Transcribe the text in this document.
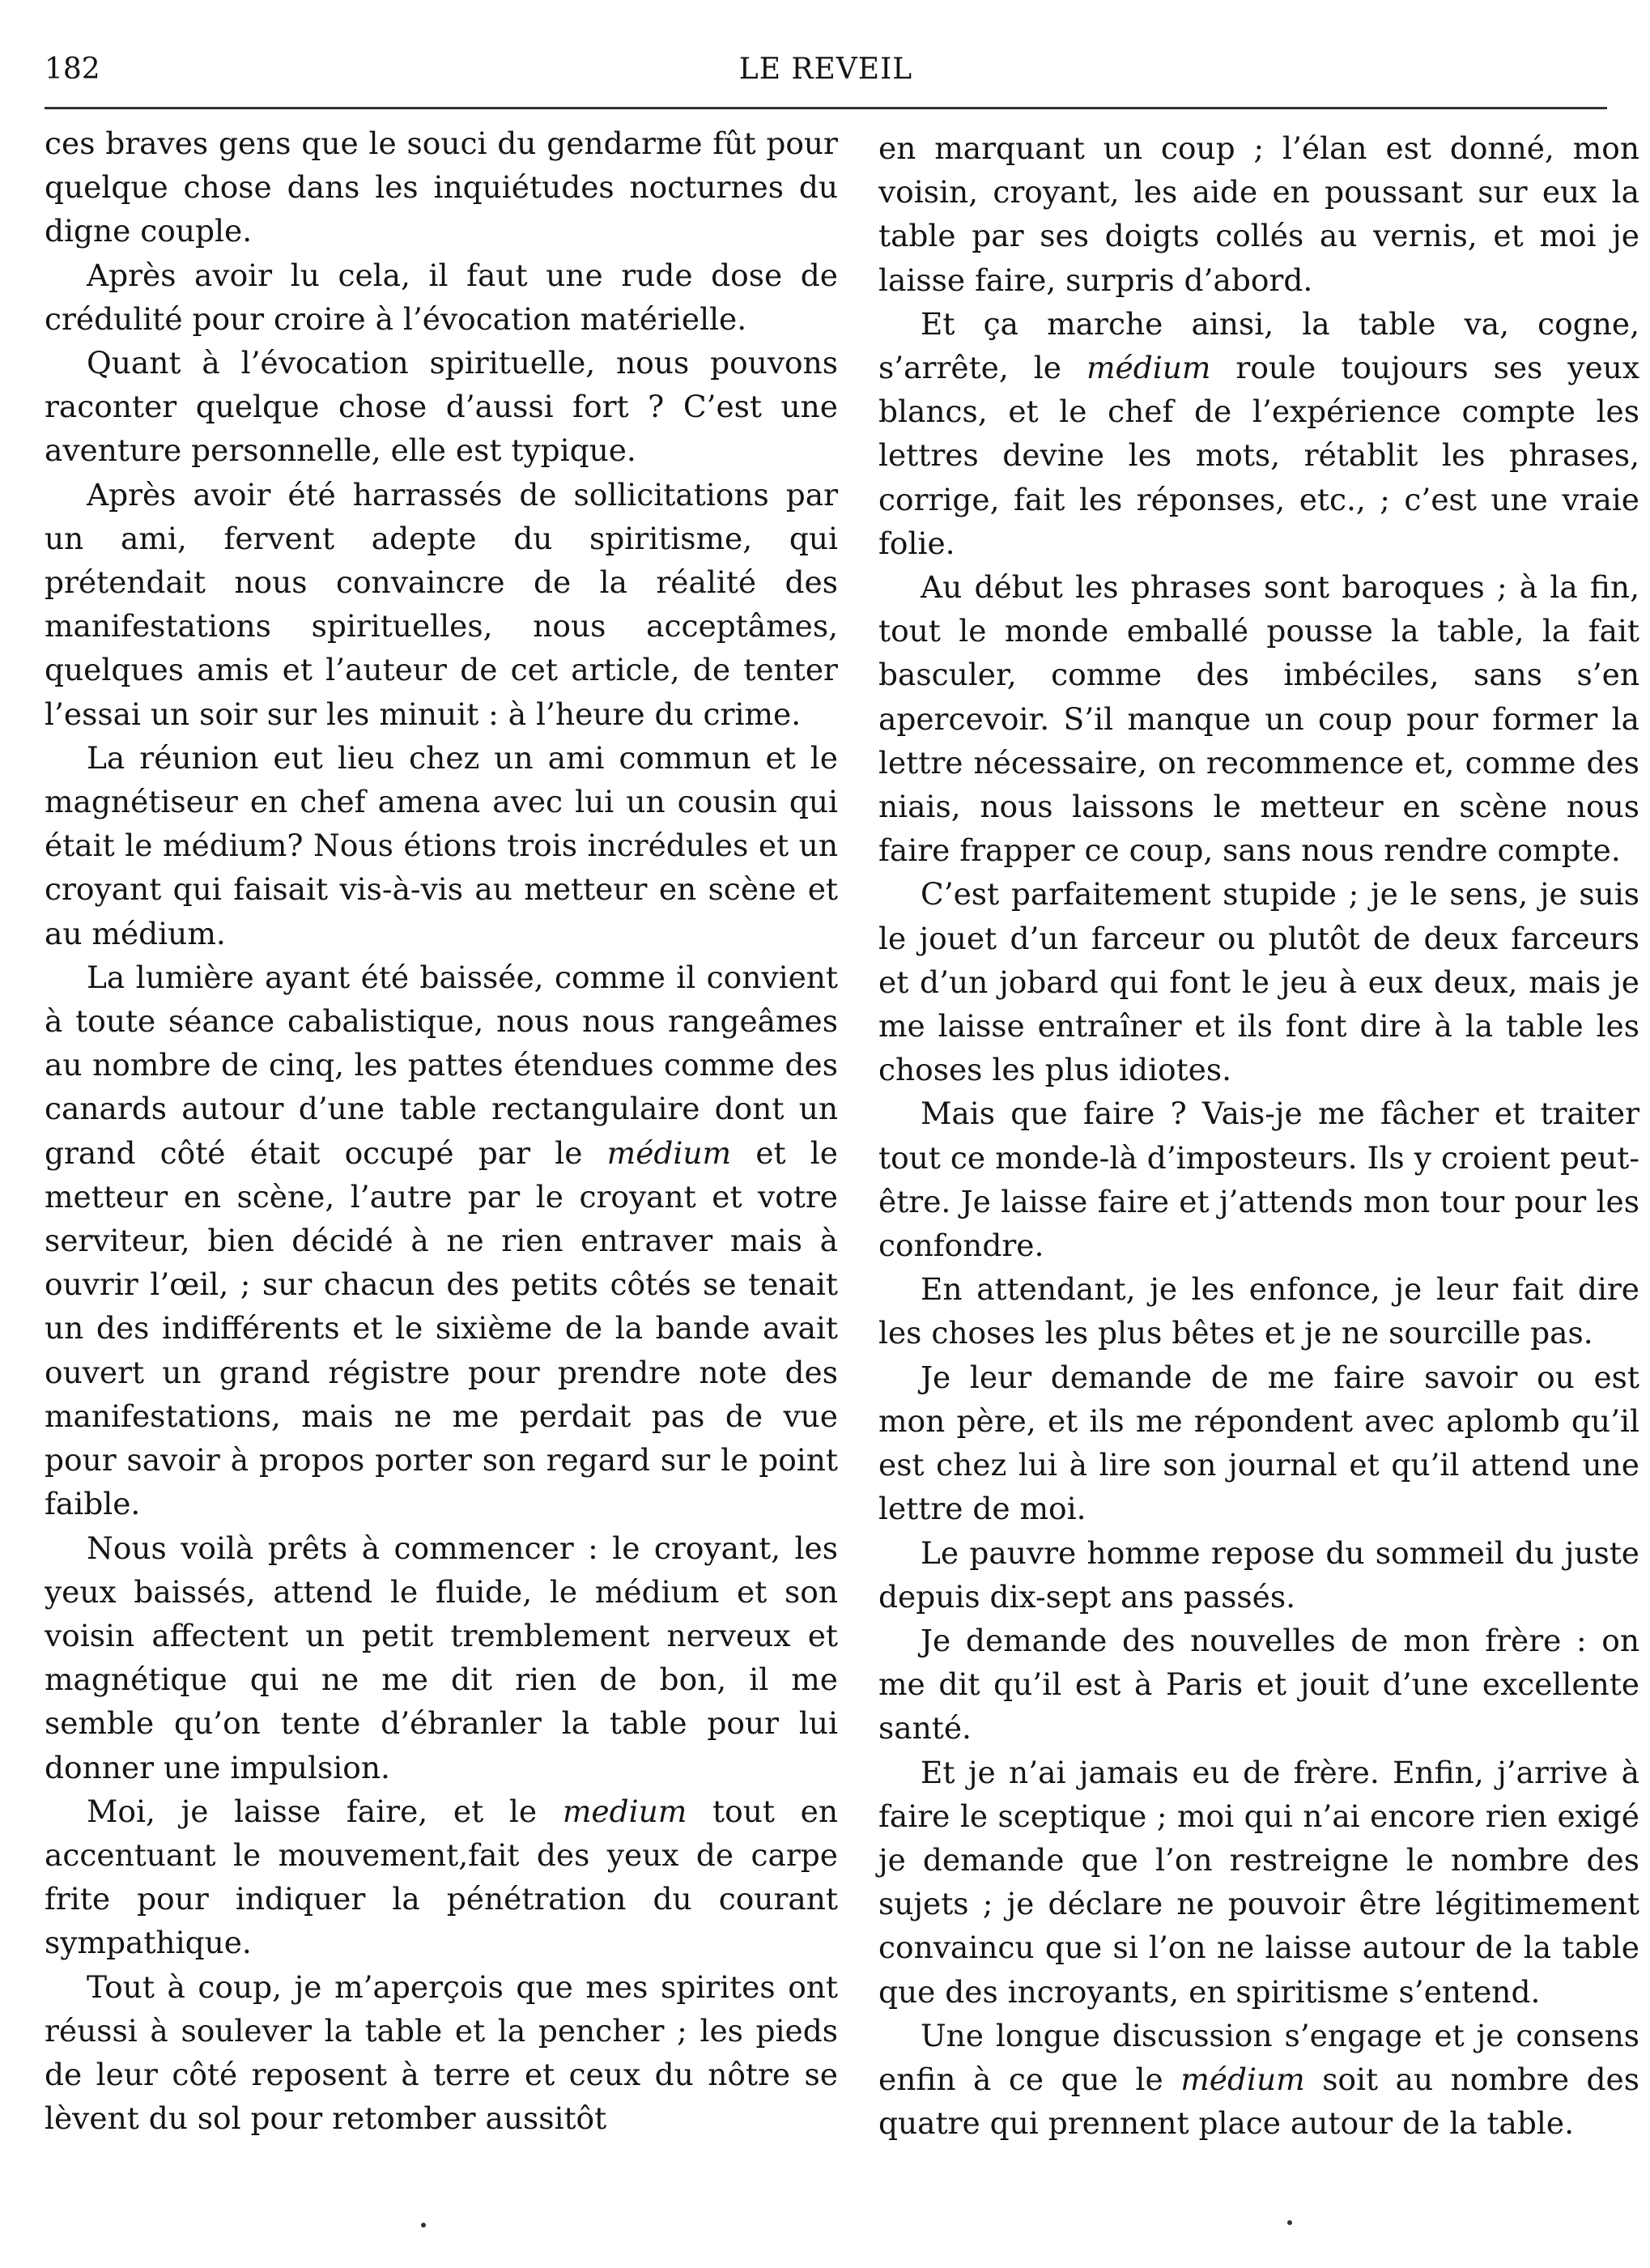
182	LE REVEIL

ces braves gens que le souci du gendarme fût pour quelque chose dans les inquiétudes nocturnes du digne couple.

Après avoir lu cela, il faut une rude dose de crédulité pour croire à l’évocation matérielle.

Quant à l’évocation spirituelle, nous pouvons raconter quelque chose d’aussi fort ? C’est une aventure personnelle, elle est typique.

Après avoir été harrassés de sollicitations par un ami, fervent adepte du spiritisme, qui prétendait nous convaincre de la réalité des manifestations spirituelles, nous acceptâmes, quelques amis et l’auteur de cet article, de tenter l’essai un soir sur les minuit : à l’heure du crime.

La réunion eut lieu chez un ami commun et le magnétiseur en chef amena avec lui un cousin qui était le médium? Nous étions trois incrédules et un croyant qui faisait vis-à-vis au metteur en scène et au médium.

La lumière ayant été baissée, comme il convient à toute séance cabalistique, nous nous rangeâmes au nombre de cinq, les pattes étendues comme des canards autour d’une table rectangulaire dont un grand côté était occupé par le médium et le metteur en scène, l’autre par le croyant et votre serviteur, bien décidé à ne rien entraver mais à ouvrir l’œil, ; sur chacun des petits côtés se tenait un des indifférents et le sixième de la bande avait ouvert un grand régistre pour prendre note des manifestations, mais ne me perdait pas de vue pour savoir à propos porter son regard sur le point faible.

Nous voilà prêts à commencer : le croyant, les yeux baissés, attend le fluide, le médium et son voisin affectent un petit tremblement nerveux et magnétique qui ne me dit rien de bon, il me semble qu’on tente d’ébranler la table pour lui donner une impulsion.

Moi, je laisse faire, et le medium tout en accentuant le mouvement,fait des yeux de carpe frite pour indiquer la pénétration du courant sympathique.

Tout à coup, je m’aperçois que mes spirites ont réussi à soulever la table et la pencher ; les pieds de leur côté reposent à terre et ceux du nôtre se lèvent du sol pour retomber aussitôt

en marquant un coup ; l’élan est donné, mon voisin, croyant, les aide en poussant sur eux la table par ses doigts collés au vernis, et moi je laisse faire, surpris d’abord.

Et ça marche ainsi, la table va, cogne, s’arrête, le médium roule toujours ses yeux blancs, et le chef de l’expérience compte les lettres devine les mots, rétablit les phrases, corrige, fait les réponses, etc., ; c’est une vraie folie.

Au début les phrases sont baroques ; à la fin, tout le monde emballé pousse la table, la fait basculer, comme des imbéciles, sans s’en apercevoir. S’il manque un coup pour former la lettre nécessaire, on recommence et, comme des niais, nous laissons le metteur en scène nous faire frapper ce coup, sans nous rendre compte.

C’est parfaitement stupide ; je le sens, je suis le jouet d’un farceur ou plutôt de deux farceurs et d’un jobard qui font le jeu à eux deux, mais je me laisse entraîner et ils font dire à la table les choses les plus idiotes.

Mais que faire ? Vais-je me fâcher et traiter tout ce monde-là d’imposteurs. Ils y croient peut-être. Je laisse faire et j’attends mon tour pour les confondre.

En attendant, je les enfonce, je leur fait dire les choses les plus bêtes et je ne sourcille pas.

Je leur demande de me faire savoir ou est mon père, et ils me répondent avec aplomb qu’il est chez lui à lire son journal et qu’il attend une lettre de moi.

Le pauvre homme repose du sommeil du juste depuis dix-sept ans passés.

Je demande des nouvelles de mon frère : on me dit qu’il est à Paris et jouit d’une excellente santé.

Et je n’ai jamais eu de frère. Enfin, j’arrive à faire le sceptique ; moi qui n’ai encore rien exigé je demande que l’on restreigne le nombre des sujets ; je déclare ne pouvoir être légitimement convaincu que si l’on ne laisse autour de la table que des incroyants, en spiritisme s’entend.

Une longue discussion s’engage et je consens enfin à ce que le médium soit au nombre des quatre qui prennent place autour de la table.
